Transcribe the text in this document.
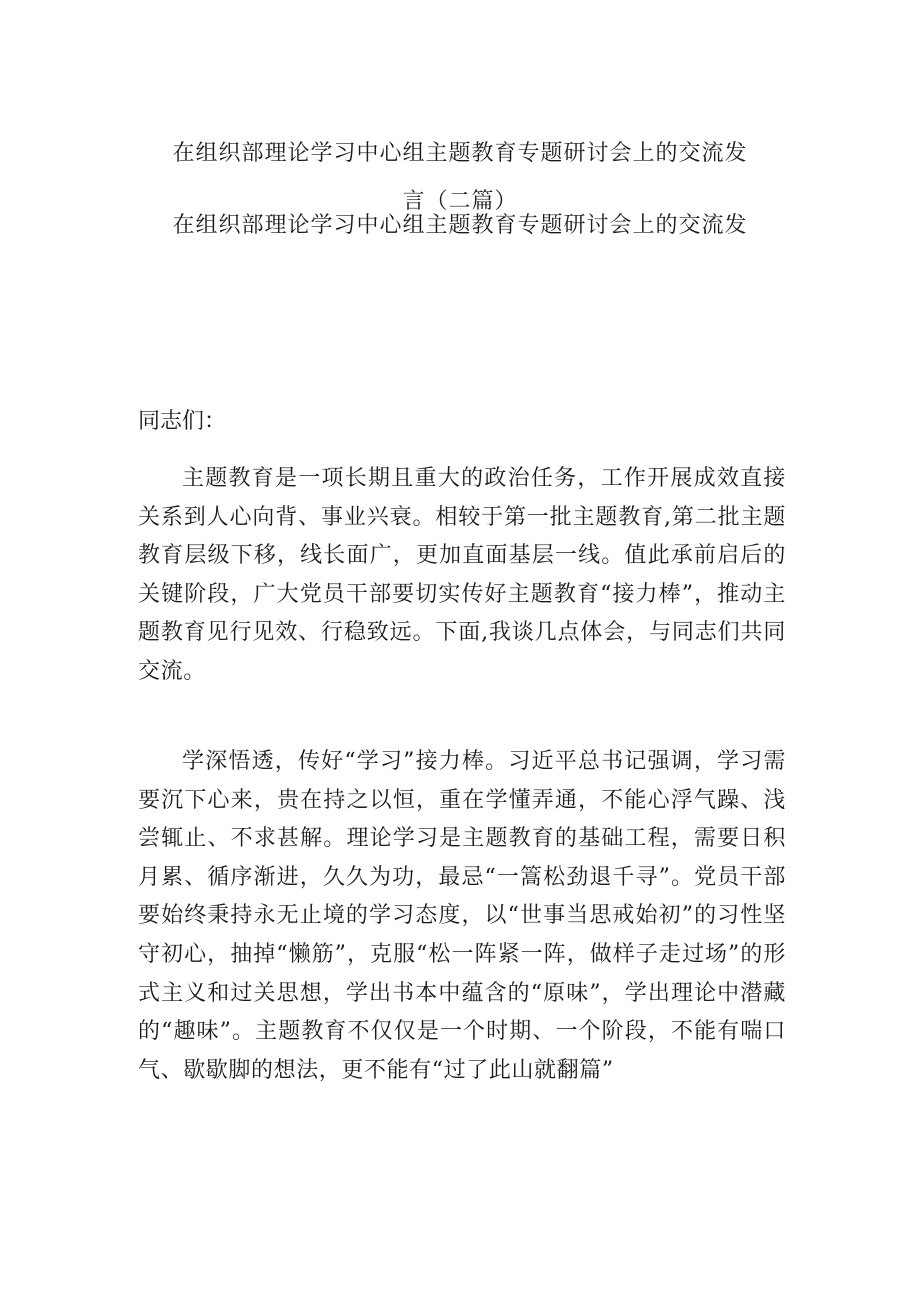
在组织部理论学习中心组主题教育专题研讨会上的交流发
言（二篇）
在组织部理论学习中心组主题教育专题研讨会上的交流发
同志们：

主题教育是一项长期且重大的政治任务，工作开展成效直接关系到人心向背、事业兴衰。相较于第一批主题教育,第二批主题教育层级下移，线长面广，更加直面基层一线。值此承前启后的关键阶段，广大党员干部要切实传好主题教育“接力棒”，推动主题教育见行见效、行稳致远。下面,我谈几点体会，与同志们共同交流。

学深悟透，传好“学习”接力棒。习近平总书记强调，学习需要沉下心来，贵在持之以恒，重在学懂弄通，不能心浮气躁、浅尝辄止、不求甚解。理论学习是主题教育的基础工程，需要日积月累、循序渐进，久久为功，最忌“一篙松劲退千寻”。党员干部要始终秉持永无止境的学习态度，以“世事当思戒始初”的习性坚守初心，抽掉“懒筋”，克服“松一阵紧一阵，做样子走过场”的形式主义和过关思想，学出书本中蕴含的“原味”，学出理论中潜藏的“趣味”。主题教育不仅仅是一个时期、一个阶段，不能有喘口气、歇歇脚的想法，更不能有“过了此山就翻篇”
